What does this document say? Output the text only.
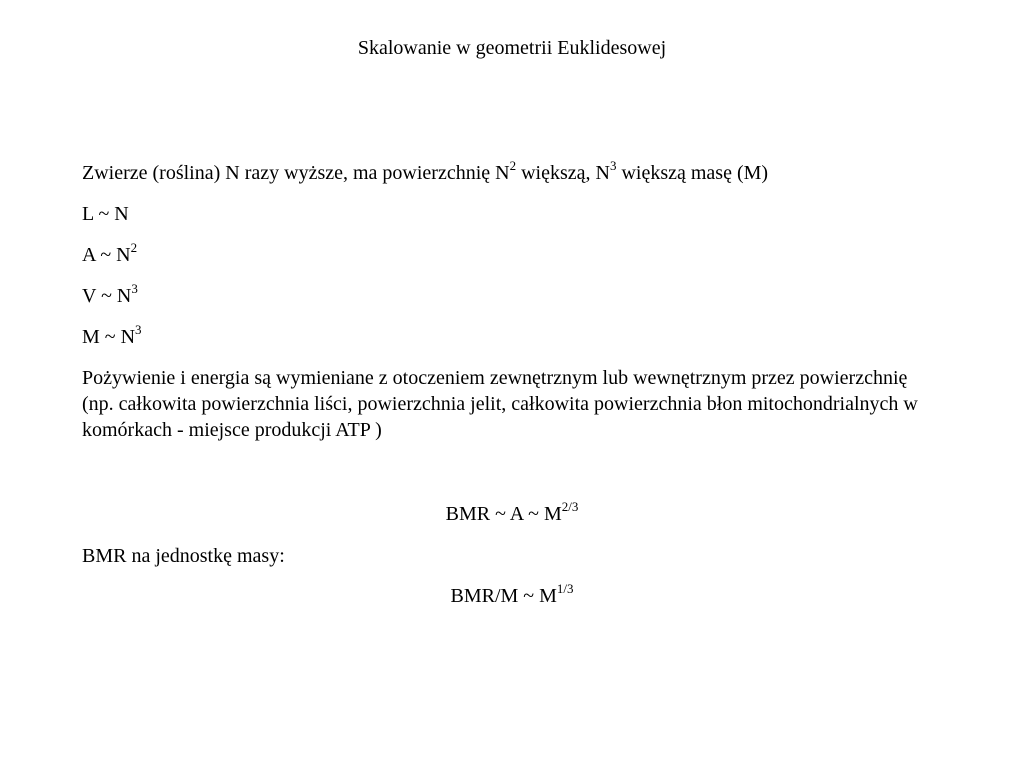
Skalowanie w geometrii Euklidesowej
Zwierze (roślina) N razy wyższe, ma powierzchnię $N^2$ większą, $N^3$ większą masę (M)
L ~ N
A ~ $N^2$
V ~ $N^3$
M ~ $N^3$
Pożywienie i energia są wymieniane z otoczeniem zewnętrznym lub wewnętrznym przez powierzchnię (np. całkowita powierzchnia liści, powierzchnia jelit, całkowita powierzchnia błon mitochondrialnych w komórkach - miejsce produkcji ATP )
BMR ~ A ~ $M^{2/3}$
BMR na jednostkę masy:
BMR/M ~ $M^{1/3}$
